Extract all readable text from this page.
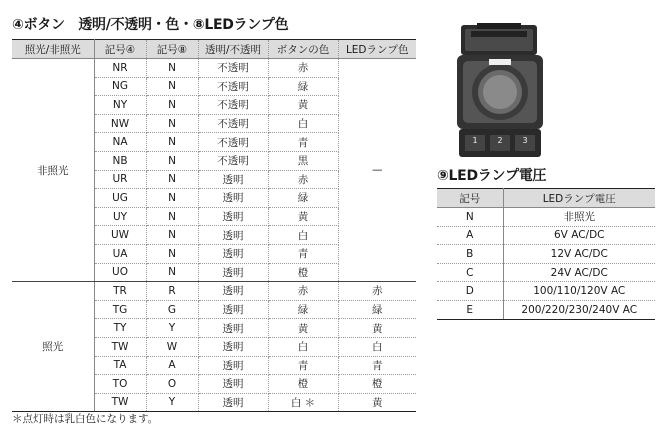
④ボタン　透明/不透明・色・⑧LEDランプ色
照光/非照光	記号④	記号⑧	透明/不透明	ボタンの色	LEDランプ色
非照光	NR	N	不透明	赤	—
	NG	N	不透明	緑	
	NY	N	不透明	黄	
	NW	N	不透明	白	
	NA	N	不透明	青	
	NB	N	不透明	黒	
	UR	N	透明	赤	
	UG	N	透明	緑	
	UY	N	透明	黄	
	UW	N	透明	白	
	UA	N	透明	青	
	UO	N	透明	橙	
照光	TR	R	透明	赤	赤
	TG	G	透明	緑	緑
	TY	Y	透明	黄	黄
	TW	W	透明	白	白
	TA	A	透明	青	青
	TO	O	透明	橙	橙
	TW	Y	透明	白 ＊	黄
＊点灯時は乳白色になります。
⑨LEDランプ電圧
記号	LEDランプ電圧
N	非照光
A	6V AC/DC
B	12V AC/DC
C	24V AC/DC
D	100/110/120V AC
E	200/220/230/240V AC
1 2 3
